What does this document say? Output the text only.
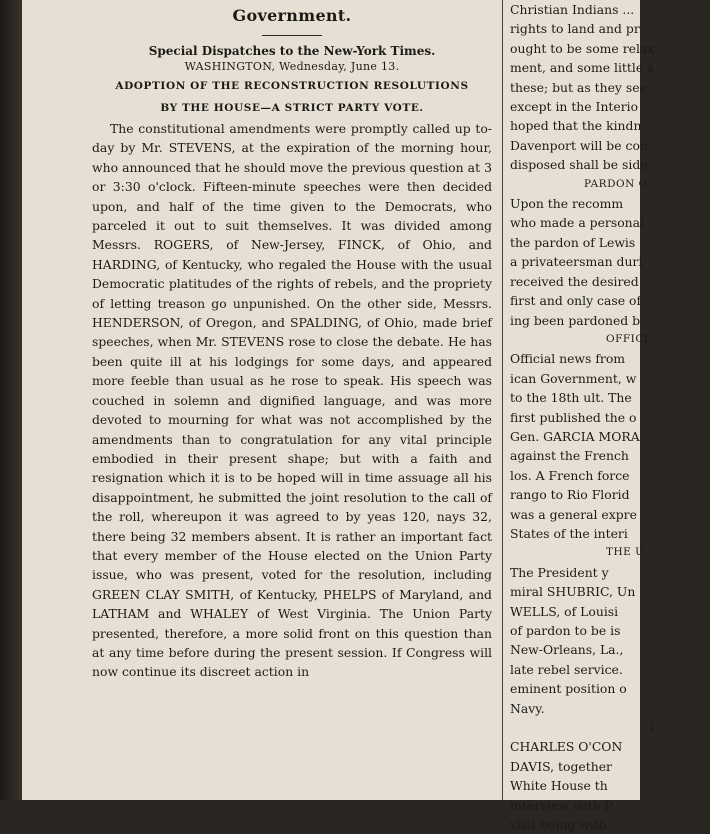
Government.
Special Dispatches to the New-York Times.
WASHINGTON, Wednesday, June 13.
ADOPTION OF THE RECONSTRUCTION RESOLUTIONS
BY THE HOUSE—A STRICT PARTY VOTE.
The constitutional amendments were promptly called up to-day by Mr. STEVENS, at the expiration of the morning hour, who announced that he should move the previous question at 3 or 3:30 o'clock. Fifteen-minute speeches were then decided upon, and half of the time given to the Democrats, who parceled it out to suit themselves. It was divided among Messrs. ROGERS, of New-Jersey, FINCK, of Ohio, and HARDING, of Kentucky, who regaled the House with the usual Democratic platitudes of the rights of rebels, and the propriety of letting treason go unpunished. On the other side, Messrs. HENDERSON, of Oregon, and SPALDING, of Ohio, made brief speeches, when Mr. STEVENS rose to close the debate. He has been quite ill at his lodgings for some days, and appeared more feeble than usual as he rose to speak. His speech was couched in solemn and dignified language, and was more devoted to mourning for what was not accomplished by the amendments than to congratulation for any vital principle embodied in their present shape; but with a faith and resignation which it is to be hoped will in time assuage all his disappointment, he submitted the joint resolution to the call of the roll, whereupon it was agreed to by yeas 120, nays 32, there being 32 members absent. It is rather an important fact that every member of the House elected on the Union Party issue, who was present, voted for the resolution, including GREEN CLAY SMITH, of Kentucky, PHELPS of Maryland, and LATHAM and WHALEY of West Virginia. The Union Party presented, therefore, a more solid front on this question than at any time before during the present session. If Congress will now continue its discreet action in
Christian Indians ...
rights to land and pr
ought to be some relax
ment, and some little s
these; but as they see
except in the Interio
hoped that the kindn
Davenport will be con
disposed shall be side
PARDON O
Upon the recomm
who made a personal
the pardon of Lewis
a privateersman duri
received the desired
first and only case of
ing been pardoned b
OFFICI
Official news from
ican Government, w
to the 18th ult. The
first published the o
Gen. GARCIA MORA
against the French
los. A French force
rango to Rio Florid
was a general expre
States of the interi
THE U
The President y
miral SHUBRIC, Un
WELLS, of Louisi
of pardon to be is
New-Orleans, La.,
late rebel service.
eminent position o
Navy.
J
CHARLES O'CON
DAVIS, together
White House th
interview with P
visit being with
